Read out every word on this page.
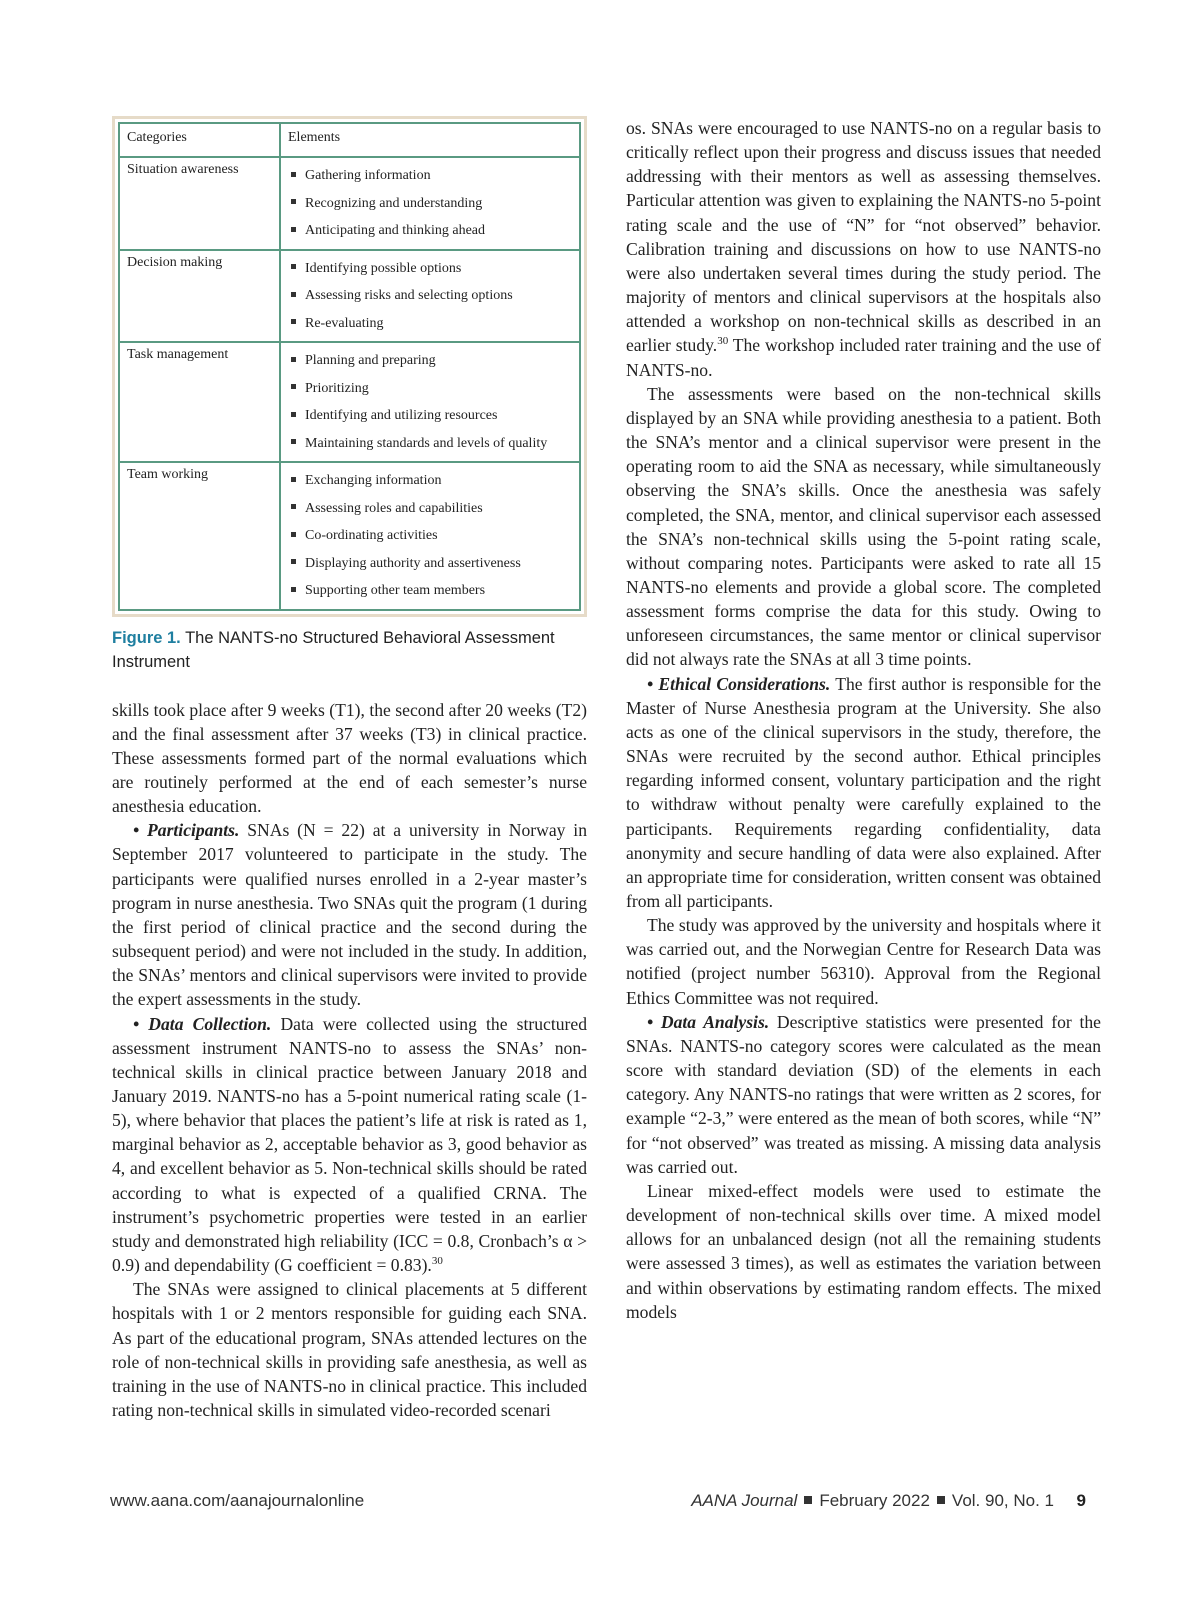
Categories	Elements
Situation awareness	Gathering information
Recognizing and understanding
Anticipating and thinking ahead

Decision making	Identifying possible options
Assessing risks and selecting options
Re-evaluating

Task management	Planning and preparing
Prioritizing
Identifying and utilizing resources
Maintaining standards and levels of quality

Team working	Exchanging information
Assessing roles and capabilities
Co-ordinating activities
Displaying authority and assertiveness
Supporting other team members
Figure 1. The NANTS-no Structured Behavioral Assessment Instrument

skills took place after 9 weeks (T1), the second after 20 weeks (T2) and the final assessment after 37 weeks (T3) in clinical practice. These assessments formed part of the normal evaluations which are routinely performed at the end of each semester’s nurse anesthesia education.

• Participants. SNAs (N = 22) at a university in Norway in September 2017 volunteered to participate in the study. The participants were qualified nurses enrolled in a 2-year master’s program in nurse anesthesia. Two SNAs quit the program (1 during the first period of clinical practice and the second during the subsequent period) and were not included in the study. In addition, the SNAs’ mentors and clinical supervisors were invited to provide the expert assessments in the study.

• Data Collection. Data were collected using the structured assessment instrument NANTS-no to assess the SNAs’ non-technical skills in clinical practice between January 2018 and January 2019. NANTS-no has a 5-point numerical rating scale (1-5), where behavior that places the patient’s life at risk is rated as 1, marginal behavior as 2, acceptable behavior as 3, good behavior as 4, and excellent behavior as 5. Non-technical skills should be rated according to what is expected of a qualified CRNA. The instrument’s psychometric properties were tested in an earlier study and demonstrated high reliability (ICC = 0.8, Cronbach’s α > 0.9) and dependability (G coefficient = 0.83).$^{30}$

The SNAs were assigned to clinical placements at 5 different hospitals with 1 or 2 mentors responsible for guiding each SNA. As part of the educational program, SNAs attended lectures on the role of non-technical skills in providing safe anesthesia, as well as training in the use of NANTS-no in clinical practice. This included rating non-technical skills in simulated video-recorded scenari

os. SNAs were encouraged to use NANTS-no on a regular basis to critically reflect upon their progress and discuss issues that needed addressing with their mentors as well as assessing themselves. Particular attention was given to explaining the NANTS-no 5-point rating scale and the use of “N” for “not observed” behavior. Calibration training and discussions on how to use NANTS-no were also undertaken several times during the study period. The majority of mentors and clinical supervisors at the hospitals also attended a workshop on non-technical skills as described in an earlier study.$^{30}$ The workshop included rater training and the use of NANTS-no.

The assessments were based on the non-technical skills displayed by an SNA while providing anesthesia to a patient. Both the SNA’s mentor and a clinical supervisor were present in the operating room to aid the SNA as necessary, while simultaneously observing the SNA’s skills. Once the anesthesia was safely completed, the SNA, mentor, and clinical supervisor each assessed the SNA’s non-technical skills using the 5-point rating scale, without comparing notes. Participants were asked to rate all 15 NANTS-no elements and provide a global score. The completed assessment forms comprise the data for this study. Owing to unforeseen circumstances, the same mentor or clinical supervisor did not always rate the SNAs at all 3 time points.

• Ethical Considerations. The first author is responsible for the Master of Nurse Anesthesia program at the University. She also acts as one of the clinical supervisors in the study, therefore, the SNAs were recruited by the second author. Ethical principles regarding informed consent, voluntary participation and the right to withdraw without penalty were carefully explained to the participants. Requirements regarding confidentiality, data anonymity and secure handling of data were also explained. After an appropriate time for consideration, written consent was obtained from all participants.

The study was approved by the university and hospitals where it was carried out, and the Norwegian Centre for Research Data was notified (project number 56310). Approval from the Regional Ethics Committee was not required.

• Data Analysis. Descriptive statistics were presented for the SNAs. NANTS-no category scores were calculated as the mean score with standard deviation (SD) of the elements in each category. Any NANTS-no ratings that were written as 2 scores, for example “2-3,” were entered as the mean of both scores, while “N” for “not observed” was treated as missing. A missing data analysis was carried out.

Linear mixed-effect models were used to estimate the development of non-technical skills over time. A mixed model allows for an unbalanced design (not all the remaining students were assessed 3 times), as well as estimates the variation between and within observations by estimating random effects. The mixed models

www.aana.com/aanajournalonline	AANA Journal February 2022 Vol. 90, No. 1 9
